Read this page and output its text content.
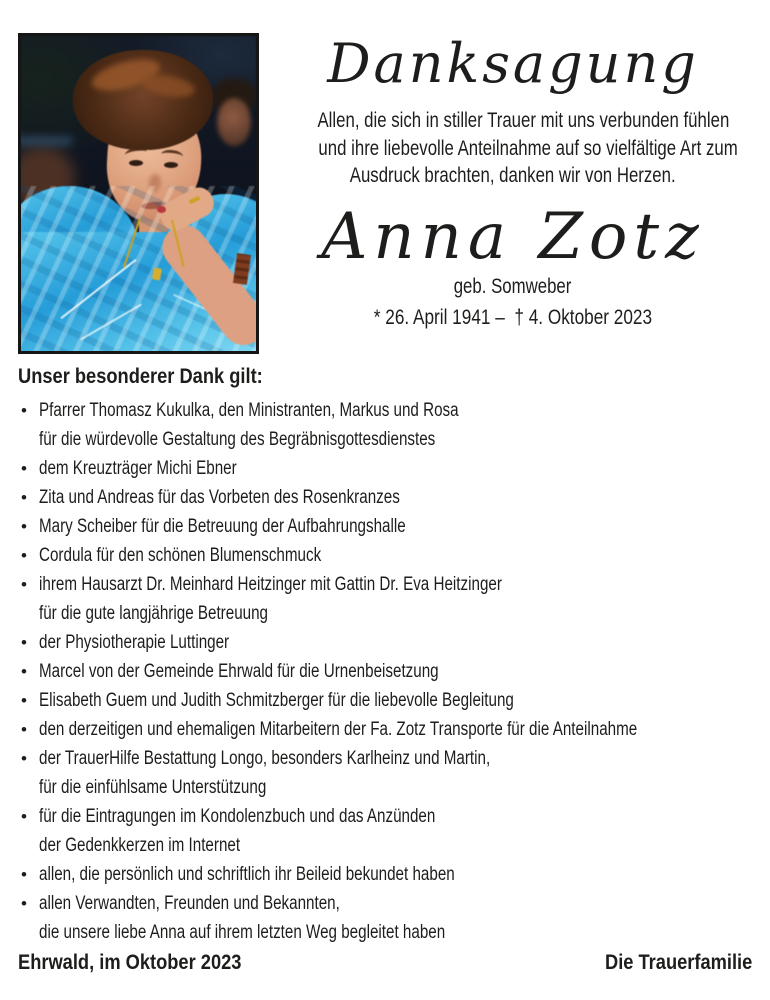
Danksagung
Allen, die sich in stiller Trauer mit uns verbunden fühlen
und ihre liebevolle Anteilnahme auf so vielfältige Art zum
Ausdruck brachten, danken wir von Herzen.
Anna Zotz
geb. Somweber
* 26. April 1941 –  † 4. Oktober 2023
Unser besonderer Dank gilt:
• Pfarrer Thomasz Kukulka, den Ministranten, Markus und Rosa
für die würdevolle Gestaltung des Begräbnisgottesdienstes
• dem Kreuzträger Michi Ebner
• Zita und Andreas für das Vorbeten des Rosenkranzes
• Mary Scheiber für die Betreuung der Aufbahrungshalle
• Cordula für den schönen Blumenschmuck
• ihrem Hausarzt Dr. Meinhard Heitzinger mit Gattin Dr. Eva Heitzinger
für die gute langjährige Betreuung
• der Physiotherapie Luttinger
• Marcel von der Gemeinde Ehrwald für die Urnenbeisetzung
• Elisabeth Guem und Judith Schmitzberger für die liebevolle Begleitung
• den derzeitigen und ehemaligen Mitarbeitern der Fa. Zotz Transporte für die Anteilnahme
• der TrauerHilfe Bestattung Longo, besonders Karlheinz und Martin,
für die einfühlsame Unterstützung
• für die Eintragungen im Kondolenzbuch und das Anzünden
der Gedenkkerzen im Internet
• allen, die persönlich und schriftlich ihr Beileid bekundet haben
• allen Verwandten, Freunden und Bekannten,
die unsere liebe Anna auf ihrem letzten Weg begleitet haben
Ehrwald, im Oktober 2023	Die Trauerfamilie
